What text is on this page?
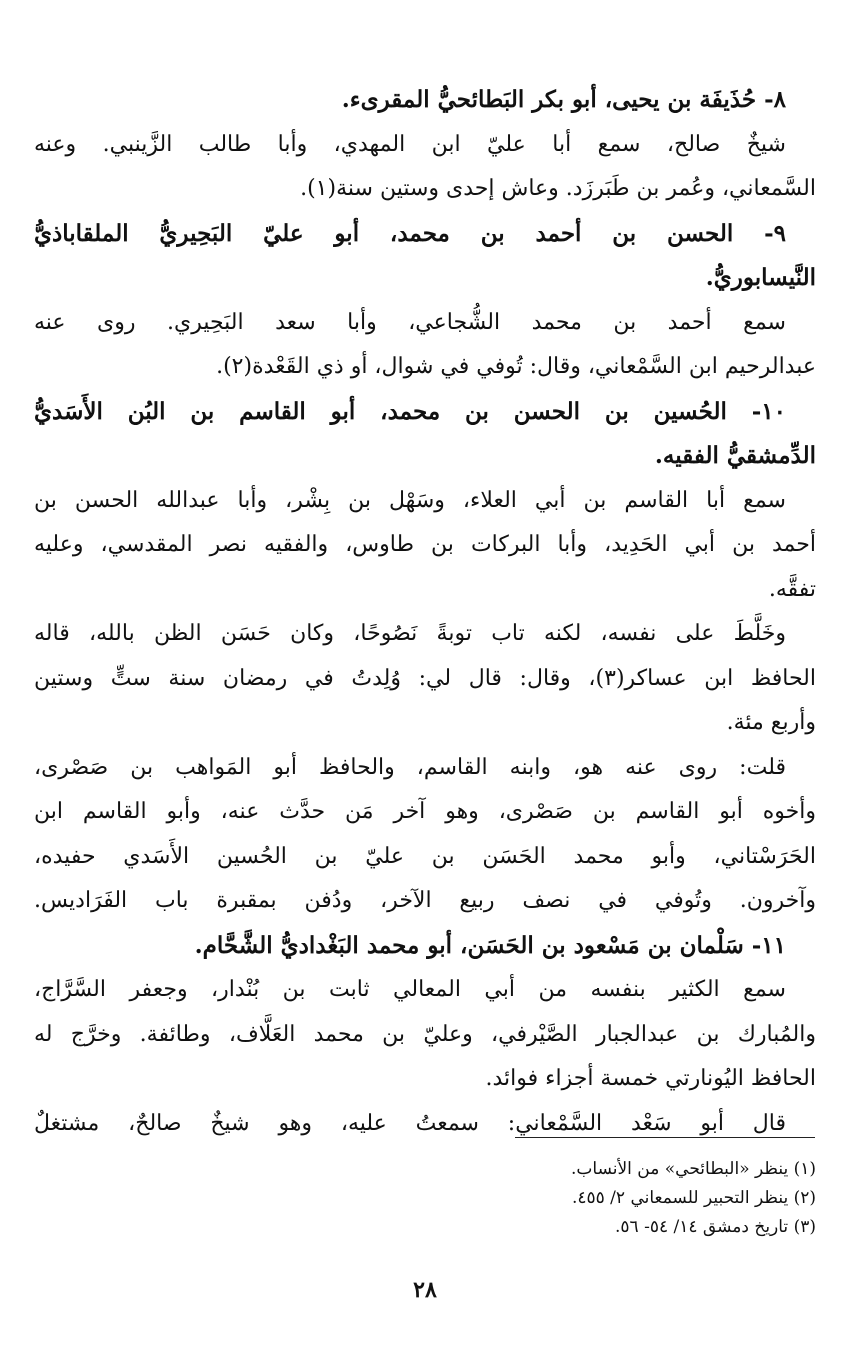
٨- حُذَيفَة بن يحيى، أبو بكر البَطائحيُّ المقرىء.
شيخٌ صالح، سمع أبا عليّ ابن المهدي، وأبا طالب الزَّينبي. وعنه
السَّمعاني، وعُمر بن طَبَرزَد. وعاش إحدى وستين سنة(١).
٩- الحسن بن أحمد بن محمد، أبو عليّ البَحِيريُّ الملقاباذيُّ
النَّيسابوريُّ.
سمع أحمد بن محمد الشُّجاعي، وأبا سعد البَحِيري. روى عنه
عبدالرحيم ابن السَّمْعاني، وقال: تُوفي في شوال، أو ذي القَعْدة(٢).
١٠- الحُسين بن الحسن بن محمد، أبو القاسم بن البُن الأَسَديُّ
الدِّمشقيُّ الفقيه.
سمع أبا القاسم بن أبي العلاء، وسَهْل بن بِشْر، وأبا عبدالله الحسن بن
أحمد بن أبي الحَدِيد، وأبا البركات بن طاوس، والفقيه نصر المقدسي، وعليه
تفقَّه.
وخَلَّطَ على نفسه، لكنه تاب توبةً نَصُوحًا، وكان حَسَن الظن بالله، قاله
الحافظ ابن عساكر(٣)، وقال: قال لي: وُلِدتُ في رمضان سنة ستٍّ وستين
وأربع مئة.
قلت: روى عنه هو، وابنه القاسم، والحافظ أبو المَواهب بن صَصْرى،
وأخوه أبو القاسم بن صَصْرى، وهو آخر مَن حدَّث عنه، وأبو القاسم ابن
الحَرَسْتاني، وأبو محمد الحَسَن بن عليّ بن الحُسين الأَسَدي حفيده،
وآخرون. وتُوفي في نصف ربيع الآخر، ودُفن بمقبرة باب الفَرَاديس.
١١- سَلْمان بن مَسْعود بن الحَسَن، أبو محمد البَغْداديُّ الشَّحَّام.
سمع الكثير بنفسه من أبي المعالي ثابت بن بُنْدار، وجعفر السَّرَّاج،
والمُبارك بن عبدالجبار الصَّيْرفي، وعليّ بن محمد العَلَّاف، وطائفة. وخرَّج له
الحافظ اليُونارتي خمسة أجزاء فوائد.
قال أبو سَعْد السَّمْعاني: سمعتُ عليه، وهو شيخٌ صالحٌ، مشتغلٌ
(١) ينظر «البطائحي» من الأنساب.
(٢) ينظر التحبير للسمعاني ٢/ ٤٥٥.
(٣) تاريخ دمشق ١٤/ ٥٤- ٥٦.
٢٨
